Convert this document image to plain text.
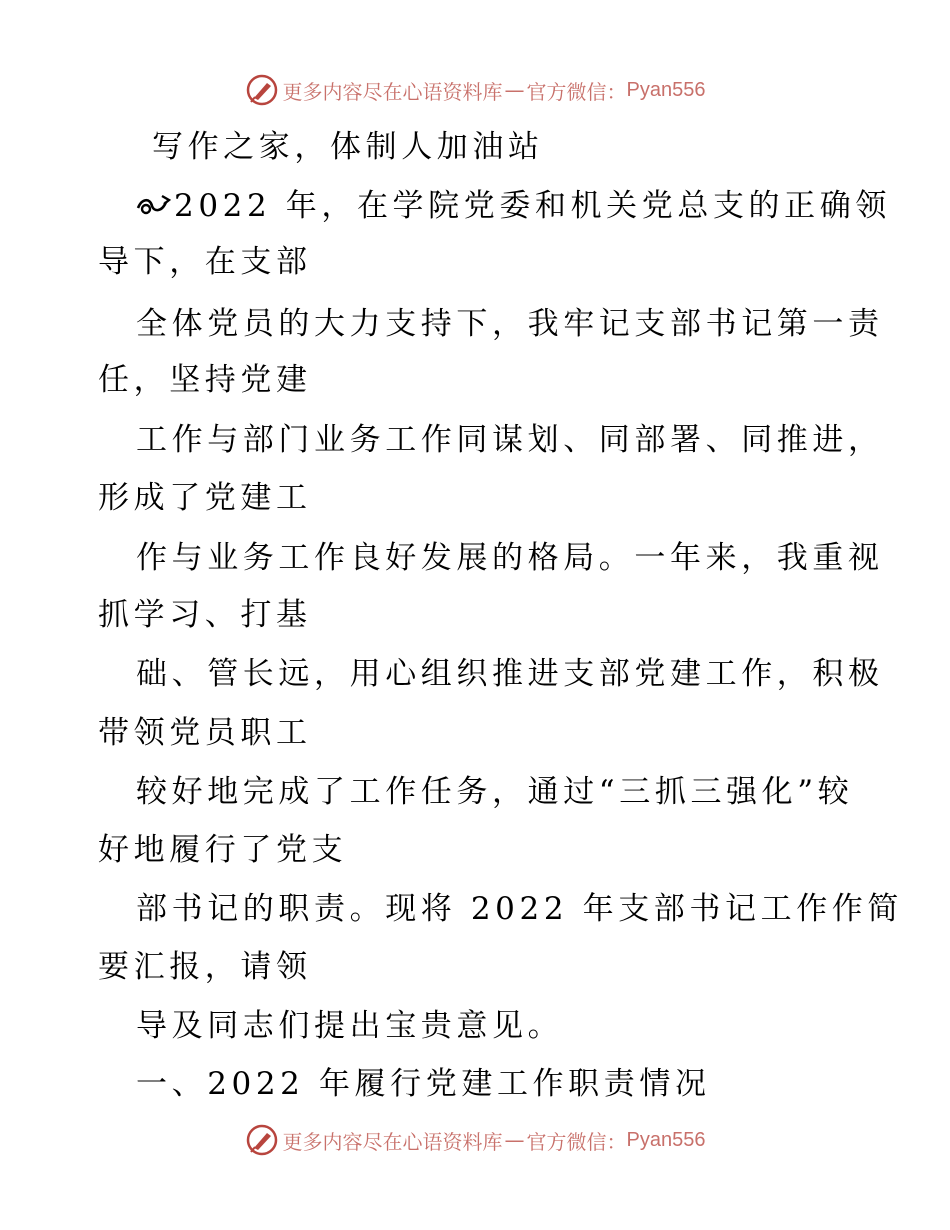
更多内容尽在心语资料库 — 官方微信： Pyan556
写作之家，体制人加油站
2022 年，在学院党委和机关党总支的正确领
导下，在支部
全体党员的大力支持下，我牢记支部书记第一责
任，坚持党建
工作与部门业务工作同谋划、同部署、同推进，
形成了党建工
作与业务工作良好发展的格局。一年来，我重视
抓学习、打基
础、管长远，用心组织推进支部党建工作，积极
带领党员职工
较好地完成了工作任务，通过“三抓三强化”较
好地履行了党支
部书记的职责。现将 2022 年支部书记工作作简
要汇报，请领
导及同志们提出宝贵意见。
一、2022 年履行党建工作职责情况
更多内容尽在心语资料库 — 官方微信： Pyan556
